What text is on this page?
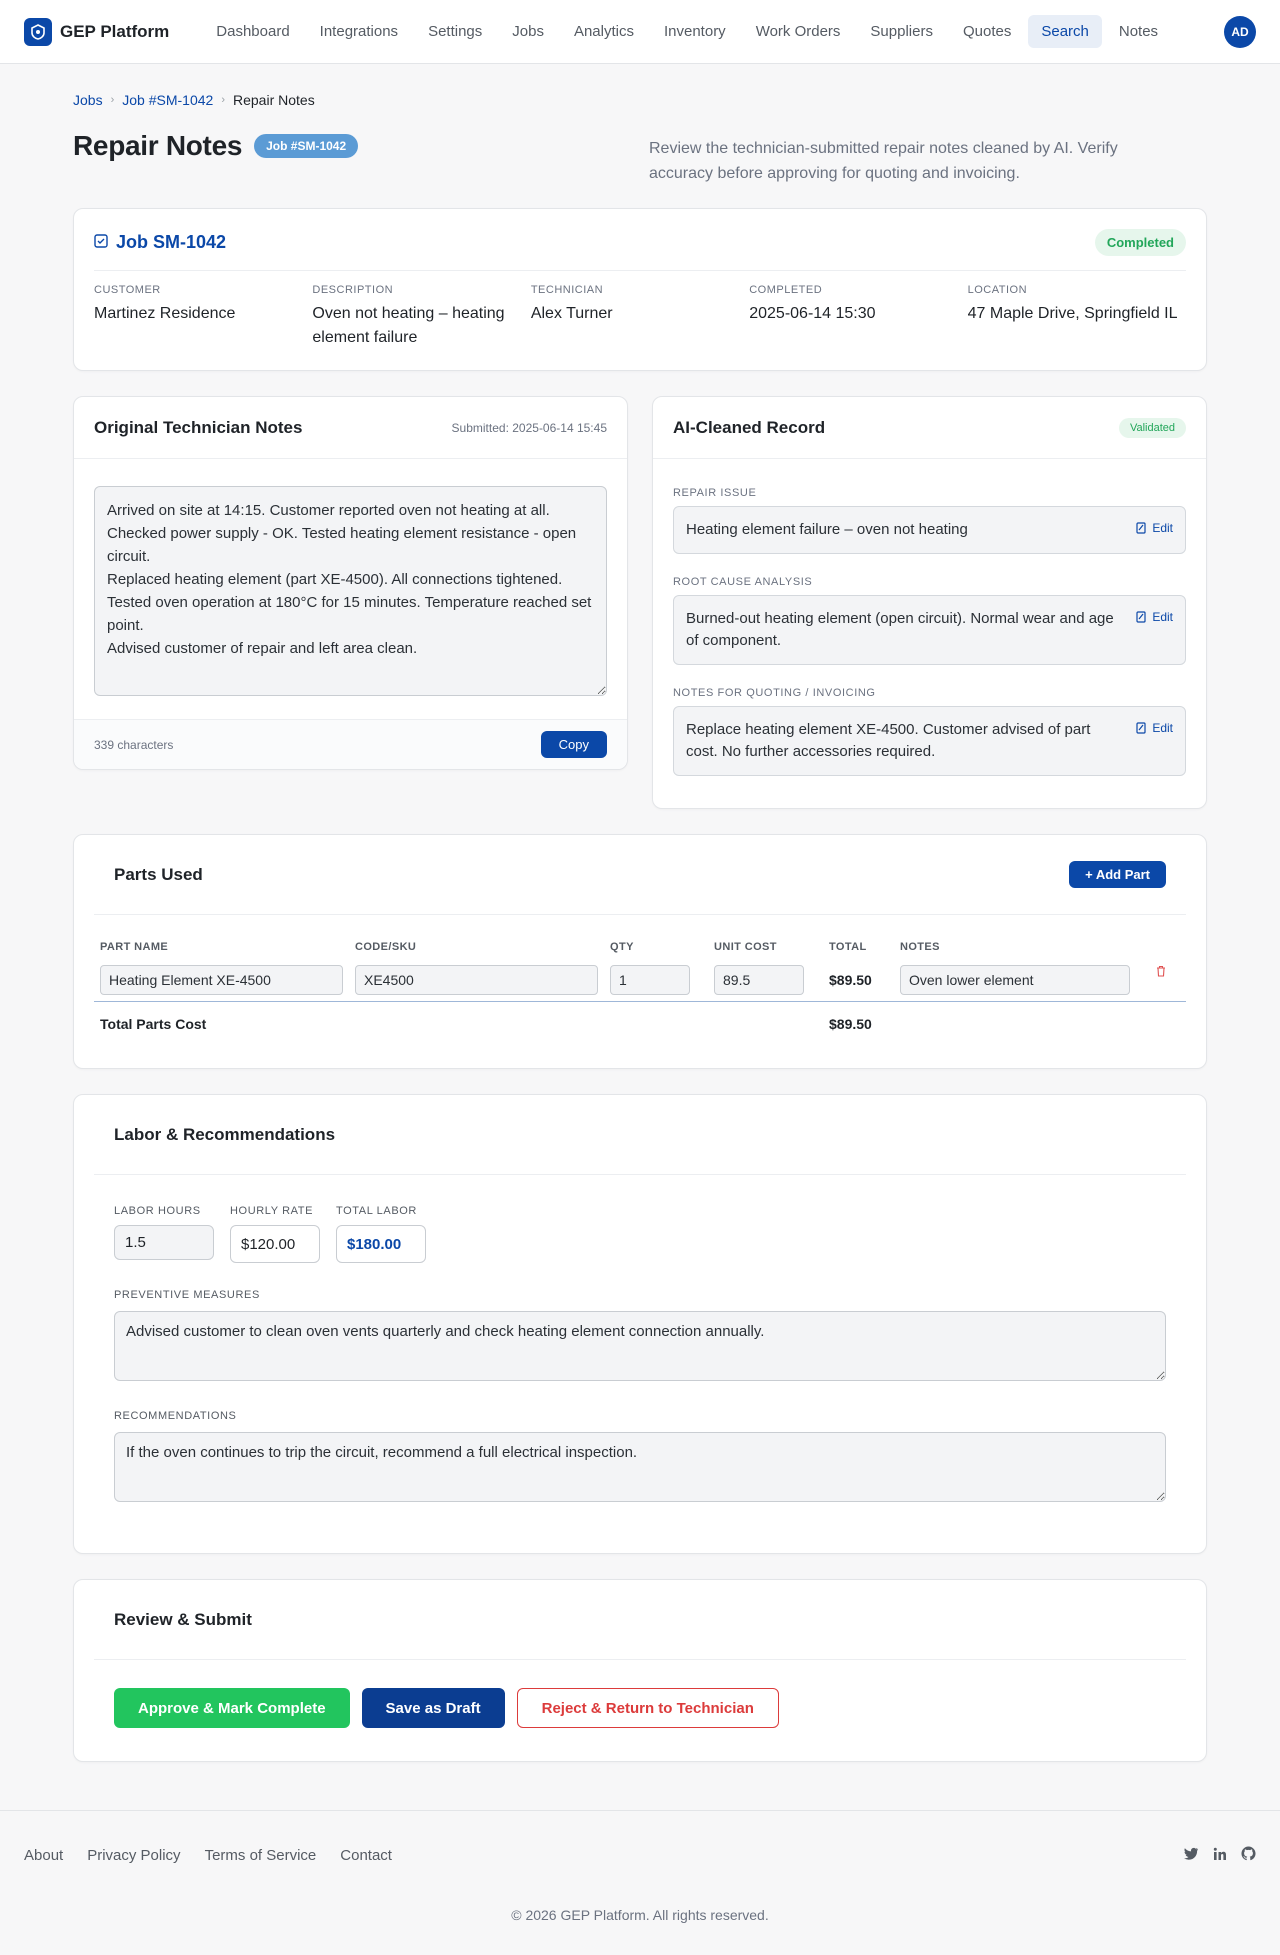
GEP Platform	Dashboard	Integrations	Settings	Jobs	Analytics	Inventory	Work Orders	Suppliers	Quotes	Search	Notes	AD
Jobs › Job #SM-1042 › Repair Notes
Repair Notes	Job #SM-1042	Review the technician-submitted repair notes cleaned by AI. Verify accuracy before approving for quoting and invoicing.

Job SM-1042	Completed
CUSTOMER
Martinez Residence
DESCRIPTION
Oven not heating – heating element failure
TECHNICIAN
Alex Turner
COMPLETED
2025-06-14 15:30
LOCATION
47 Maple Drive, Springfield IL
Original Technician Notes	Submitted: 2025-06-14 15:45
Arrived on site at 14:15. Customer reported oven not heating at all. Checked power supply - OK. Tested heating element resistance - open circuit. Replaced heating element (part XE-4500). All connections tightened. Tested oven operation at 180°C for 15 minutes. Temperature reached set point. Advised customer of repair and left area clean.
339 characters	Copy
AI-Cleaned Record	Validated
REPAIR ISSUE
Heating element failure – oven not heating	Edit
ROOT CAUSE ANALYSIS
Burned-out heating element (open circuit). Normal wear and age of component.
Edit
NOTES FOR QUOTING / INVOICING
Replace heating element XE-4500. Customer advised of part cost. No further accessories required.
Edit
Parts Used	+ Add Part
PART NAME	CODE/SKU	QTY	UNIT COST	TOTAL	NOTES	

Heating Element XE-4500	XE4500	1	89.5	$89.50	Oven lower element

Total Parts Cost				$89.50		
Labor & Recommendations
LABOR HOURS
1.5
HOURLY RATE
$120.00
TOTAL LABOR
$180.00
PREVENTIVE MEASURES
Advised customer to clean oven vents quarterly and check heating element connection annually.
RECOMMENDATIONS
If the oven continues to trip the circuit, recommend a full electrical inspection.
Review & Submit
Approve & Mark Complete	Save as Draft	Reject & Return to Technician
About Privacy Policy Terms of Service Contact
© 2026 GEP Platform. All rights reserved.
